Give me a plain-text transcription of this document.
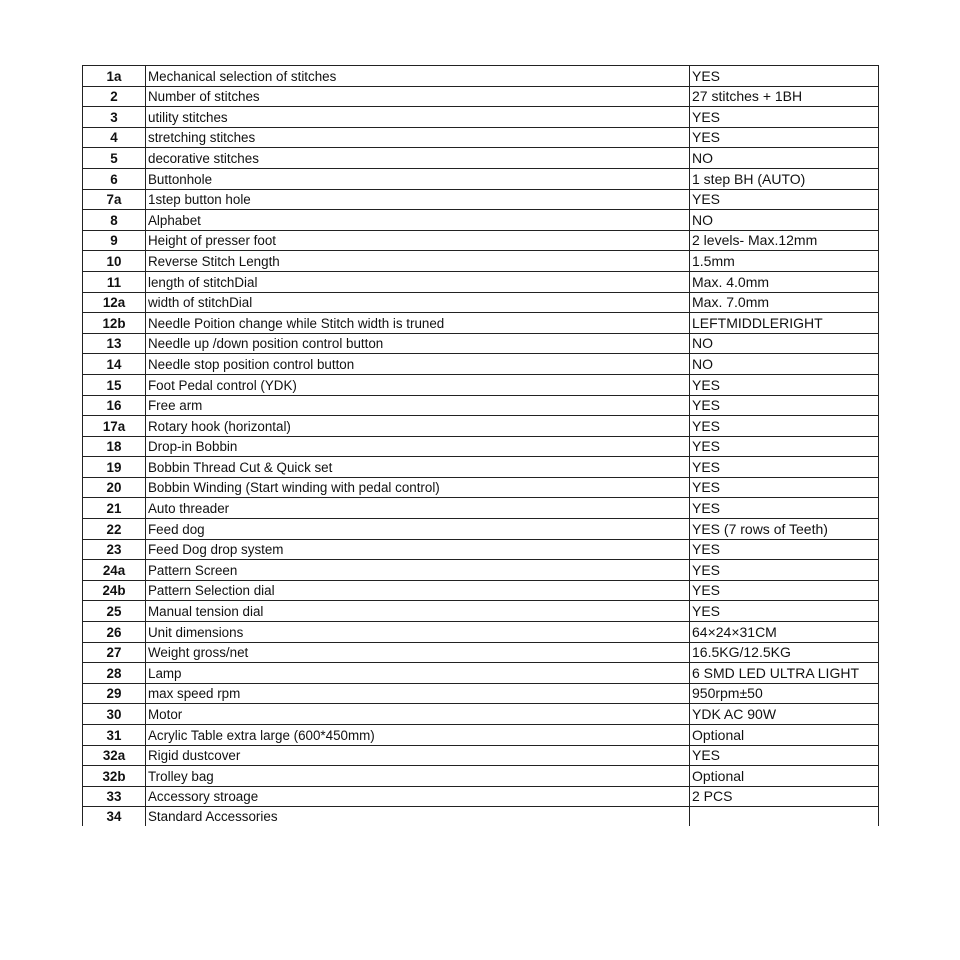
1a	Mechanical selection of stitches	YES
2	Number of stitches	27 stitches + 1BH
3	utility stitches	YES
4	stretching stitches	YES
5	decorative stitches	NO
6	Buttonhole	1 step BH (AUTO)
7a	1step button hole	YES
8	Alphabet	NO
9	Height of presser foot	2 levels- Max.12mm
10	Reverse Stitch Length	1.5mm
11	length of stitchDial	Max. 4.0mm
12a	width of stitchDial	Max. 7.0mm
12b	Needle Poition change while Stitch width is truned	LEFTMIDDLERIGHT
13	Needle up /down position control button	NO
14	Needle stop position control button	NO
15	Foot Pedal control (YDK)	YES
16	Free arm	YES
17a	Rotary hook (horizontal)	YES
18	Drop-in Bobbin	YES
19	Bobbin Thread Cut & Quick set	YES
20	Bobbin Winding (Start winding with pedal control)	YES
21	Auto threader	YES
22	Feed dog	YES (7 rows of Teeth)
23	Feed Dog drop system	YES
24a	Pattern Screen	YES
24b	Pattern Selection dial	YES
25	Manual tension dial	YES
26	Unit dimensions	64×24×31CM
27	Weight gross/net	16.5KG/12.5KG
28	Lamp	6 SMD LED ULTRA LIGHT
29	max speed rpm	950rpm±50
30	Motor	YDK AC 90W
31	Acrylic Table extra large (600*450mm)	Optional
32a	Rigid dustcover	YES
32b	Trolley bag	Optional
33	Accessory stroage	2 PCS
34	Standard Accessories	
